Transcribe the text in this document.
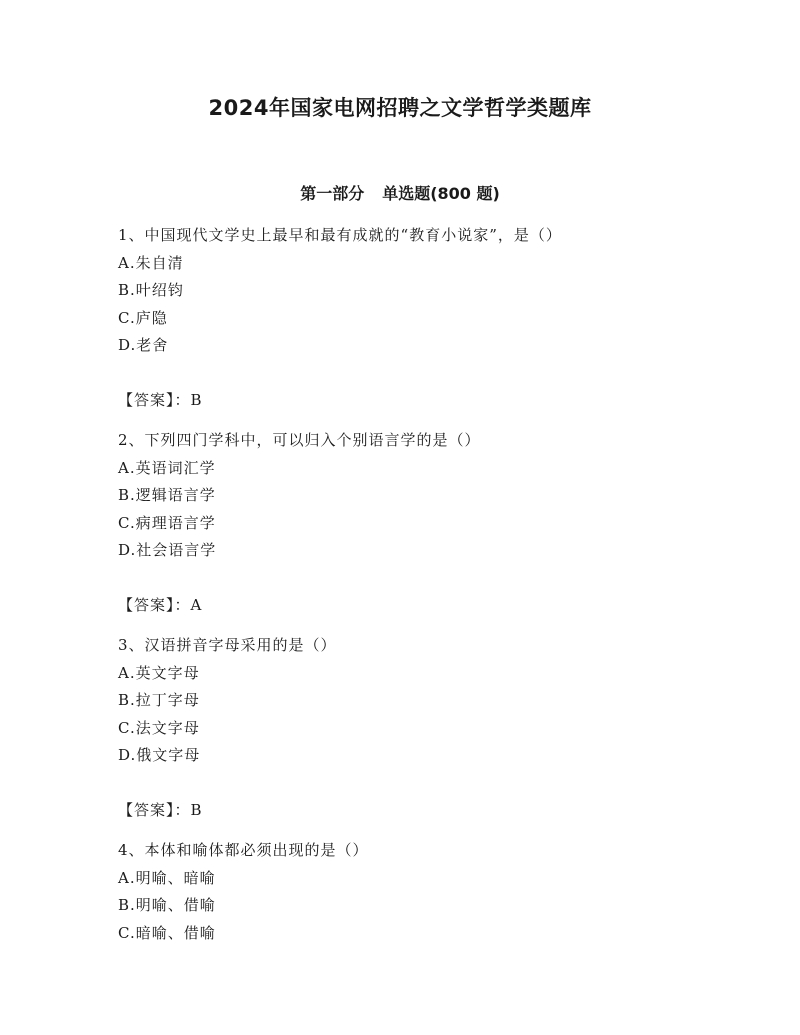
2024年国家电网招聘之文学哲学类题库
第一部分 单选题(800 题)
1、中国现代文学史上最早和最有成就的“教育小说家”，是（）
A.朱自清
B.叶绍钧
C.庐隐
D.老舍
【答案】：B
2、下列四门学科中，可以归入个别语言学的是（）
A.英语词汇学
B.逻辑语言学
C.病理语言学
D.社会语言学
【答案】：A
3、汉语拼音字母采用的是（）
A.英文字母
B.拉丁字母
C.法文字母
D.俄文字母
【答案】：B
4、本体和喻体都必须出现的是（）
A.明喻、暗喻
B.明喻、借喻
C.暗喻、借喻
